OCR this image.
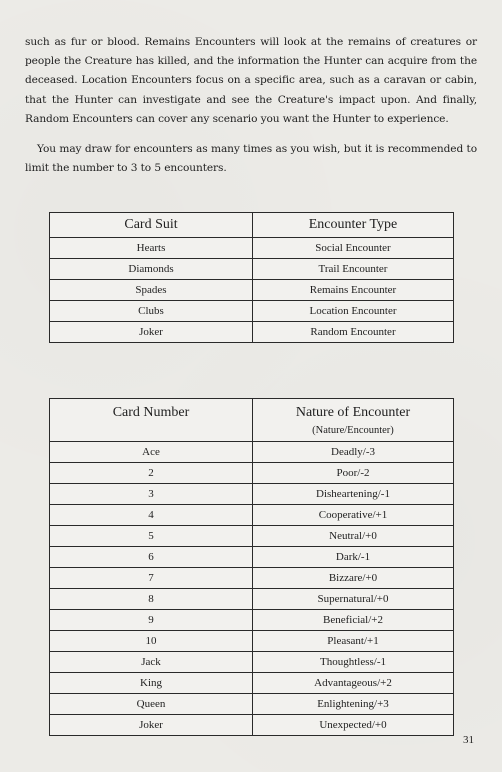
such as fur or blood. Remains Encounters will look at the remains of creatures or people the Creature has killed, and the information the Hunter can acquire from the deceased. Location Encounters focus on a specific area, such as a caravan or cabin, that the Hunter can investigate and see the Creature's impact upon. And finally, Random Encounters can cover any scenario you want the Hunter to experience.
You may draw for encounters as many times as you wish, but it is recommended to limit the number to 3 to 5 encounters.
Card Suit	Encounter Type
Hearts	Social Encounter
Diamonds	Trail Encounter
Spades	Remains Encounter
Clubs	Location Encounter
Joker	Random Encounter
Card Number	Nature of Encounter
(Nature/Encounter)

Ace	Deadly/-3
2	Poor/-2
3	Disheartening/-1
4	Cooperative/+1
5	Neutral/+0
6	Dark/-1
7	Bizzare/+0
8	Supernatural/+0
9	Beneficial/+2
10	Pleasant/+1
Jack	Thoughtless/-1
King	Advantageous/+2
Queen	Enlightening/+3
Joker	Unexpected/+0
31
